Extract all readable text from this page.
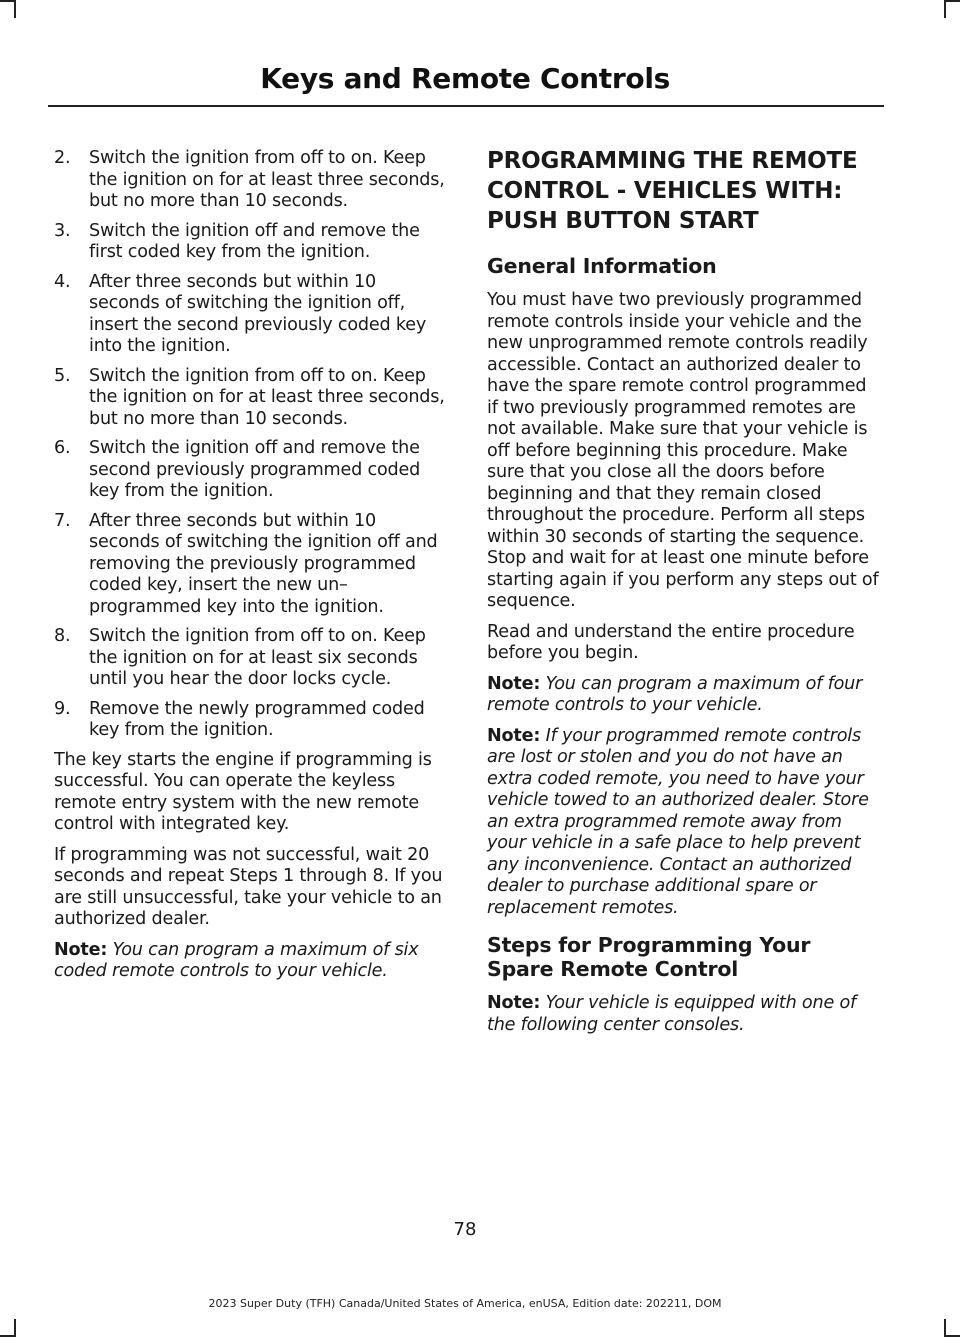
Keys and Remote Controls
2. Switch the ignition from off to on. Keep the ignition on for at least three seconds, but no more than 10 seconds.
3. Switch the ignition off and remove the first coded key from the ignition.
4. After three seconds but within 10 seconds of switching the ignition off, insert the second previously coded key into the ignition.
5. Switch the ignition from off to on. Keep the ignition on for at least three seconds, but no more than 10 seconds.
6. Switch the ignition off and remove the second previously programmed coded key from the ignition.
7. After three seconds but within 10 seconds of switching the ignition off and removing the previously programmed coded key, insert the new un–programmed key into the ignition.
8. Switch the ignition from off to on. Keep the ignition on for at least six seconds until you hear the door locks cycle.
9. Remove the newly programmed coded key from the ignition.

The key starts the engine if programming is successful. You can operate the keyless remote entry system with the new remote control with integrated key.

If programming was not successful, wait 20 seconds and repeat Steps 1 through 8. If you are still unsuccessful, take your vehicle to an authorized dealer.

Note: You can program a maximum of six coded remote controls to your vehicle.

PROGRAMMING THE REMOTE CONTROL - VEHICLES WITH: PUSH BUTTON START
General Information

You must have two previously programmed remote controls inside your vehicle and the new unprogrammed remote controls readily accessible. Contact an authorized dealer to have the spare remote control programmed if two previously programmed remotes are not available. Make sure that your vehicle is off before beginning this procedure. Make sure that you close all the doors before beginning and that they remain closed throughout the procedure. Perform all steps within 30 seconds of starting the sequence. Stop and wait for at least one minute before starting again if you perform any steps out of sequence.

Read and understand the entire procedure before you begin.

Note: You can program a maximum of four remote controls to your vehicle.

Note: If your programmed remote controls are lost or stolen and you do not have an extra coded remote, you need to have your vehicle towed to an authorized dealer. Store an extra programmed remote away from your vehicle in a safe place to help prevent any inconvenience. Contact an authorized dealer to purchase additional spare or replacement remotes.

Steps for Programming Your Spare Remote Control

Note: Your vehicle is equipped with one of the following center consoles.

78
2023 Super Duty (TFH) Canada/United States of America, enUSA, Edition date: 202211, DOM
